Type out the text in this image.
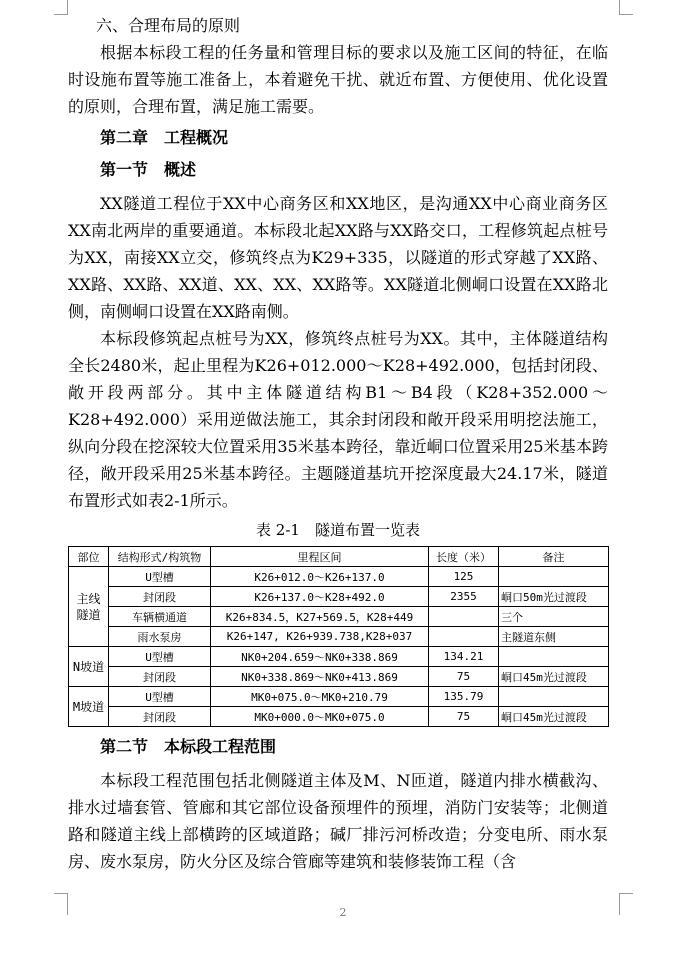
六、合理布局的原则

根据本标段工程的任务量和管理目标的要求以及施工区间的特征，在临时设施布置等施工准备上，本着避免干扰、就近布置、方便使用、优化设置的原则，合理布置，满足施工需要。

第二章　工程概况

第一节　概述

XX隧道工程位于XX中心商务区和XX地区，是沟通XX中心商业商务区XX南北两岸的重要通道。本标段北起XX路与XX路交口，工程修筑起点桩号为XX，南接XX立交，修筑终点为K29+335，以隧道的形式穿越了XX路、XX路、XX路、XX道、XX、XX、XX路等。XX隧道北侧峒口设置在XX路北侧，南侧峒口设置在XX路南侧。

本标段修筑起点桩号为XX，修筑终点桩号为XX。其中，主体隧道结构全长2480米，起止里程为K26+012.000～K28+492.000，包括封闭段、敞开段两部分。其中主体隧道结构B1～B4段（K28+352.000～K28+492.000）采用逆做法施工，其余封闭段和敞开段采用明挖法施工，纵向分段在挖深较大位置采用35米基本跨径，靠近峒口位置采用25米基本跨径，敞开段采用25米基本跨径。主题隧道基坑开挖深度最大24.17米，隧道布置形式如表2-1所示。

表 2-1　隧道布置一览表

部位	结构形式/构筑物	里程区间	长度（米）	备注
主线隧道	U型槽	K26+012.0～K26+137.0	125	
	封闭段	K26+137.0～K28+492.0	2355	峒口50m光过渡段
	车辆横通道	K26+834.5，K27+569.5，K28+449		三个
	雨水泵房	K26+147, K26+939.738,K28+037		主隧道东侧
N坡道	U型槽	NK0+204.659～NK0+338.869	134.21	
	封闭段	NK0+338.869～NK0+413.869	75	峒口45m光过渡段
M坡道	U型槽	MK0+075.0～MK0+210.79	135.79	
	封闭段	MK0+000.0～MK0+075.0	75	峒口45m光过渡段

第二节　本标段工程范围

本标段工程范围包括北侧隧道主体及M、N匝道，隧道内排水横截沟、排水过墙套管、管廊和其它部位设备预埋件的预埋，消防门安装等；北侧道路和隧道主线上部横跨的区域道路；碱厂排污河桥改造；分变电所、雨水泵房、废水泵房，防火分区及综合管廊等建筑和装修装饰工程（含

2
